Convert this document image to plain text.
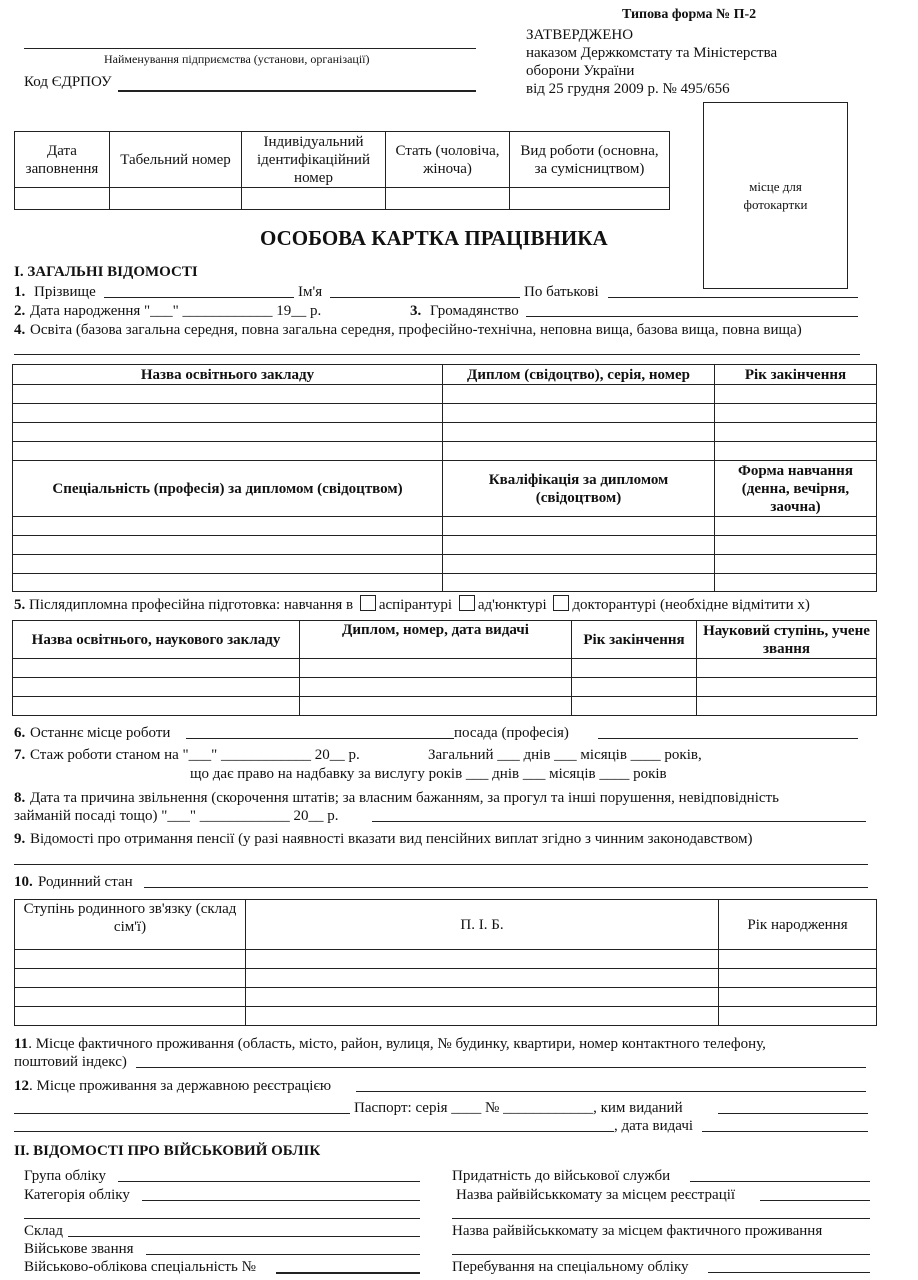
Типова форма № П-2
ЗАТВЕРДЖЕНО
наказом Держкомстату та Міністерства
оборони України
від 25 грудня 2009 р. № 495/656
Найменування підприємства (установи, організації)
Код ЄДРПОУ
Дата заповнення	Табельний номер	Індивідуальний ідентифікаційний номер	Стать (чоловіча, жіноча)	Вид роботи (основна, за сумісництвом)

місце для фотокартки
ОСОБОВА КАРТКА ПРАЦІВНИКА
І. ЗАГАЛЬНІ ВІДОМОСТІ
1. Прізвище	Ім'я	По батькові
2. Дата народження "___" ____________ 19__ р.	3. Громадянство
4. Освіта (базова загальна середня, повна загальна середня, професійно-технічна, неповна вища, базова вища, повна вища)
Назва освітнього закладу	Диплом (свідоцтво), серія, номер	Рік закінчення

Спеціальність (професія) за дипломом (свідоцтвом)	Кваліфікація за дипломом (свідоцтвом)	Форма навчання (денна, вечірня, заочна)

5. Післядипломна професійна підготовка: навчання в аспірантурі ад'юнктурі докторантурі (необхідне відмітити х)
Назва освітнього, наукового закладу	Диплом, номер, дата видачі	Рік закінчення	Науковий ступінь, учене звання

6. Останнє місце роботи	посада (професія)
7. Стаж роботи станом на "___" ____________ 20__ р.	Загальний ___ днів ___ місяців ____ років,
що дає право на надбавку за вислугу років ___ днів ___ місяців ____ років
8. Дата та причина звільнення (скорочення штатів; за власним бажанням, за прогул та інші порушення, невідповідність
займаній посаді тощо) "___" ____________ 20__ р.
9. Відомості про отримання пенсії (у разі наявності вказати вид пенсійних виплат згідно з чинним законодавством)
10. Родинний стан
Ступінь родинного зв'язку (склад сім'ї)	П. І. Б.	Рік народження

11. Місце фактичного проживання (область, місто, район, вулиця, № будинку, квартири, номер контактного телефону,
поштовий індекс)
12. Місце проживання за державною реєстрацією
Паспорт: серія ____ № ____________, ким виданий
, дата видачі
ІІ. ВІДОМОСТІ ПРО ВІЙСЬКОВИЙ ОБЛІК
Група обліку
Категорія обліку
Склад
Військове звання
Військово-облікова спеціальність №
Придатність до військової служби
Назва райвійськкомату за місцем реєстрації
Назва райвійськкомату за місцем фактичного проживання
Перебування на спеціальному обліку
